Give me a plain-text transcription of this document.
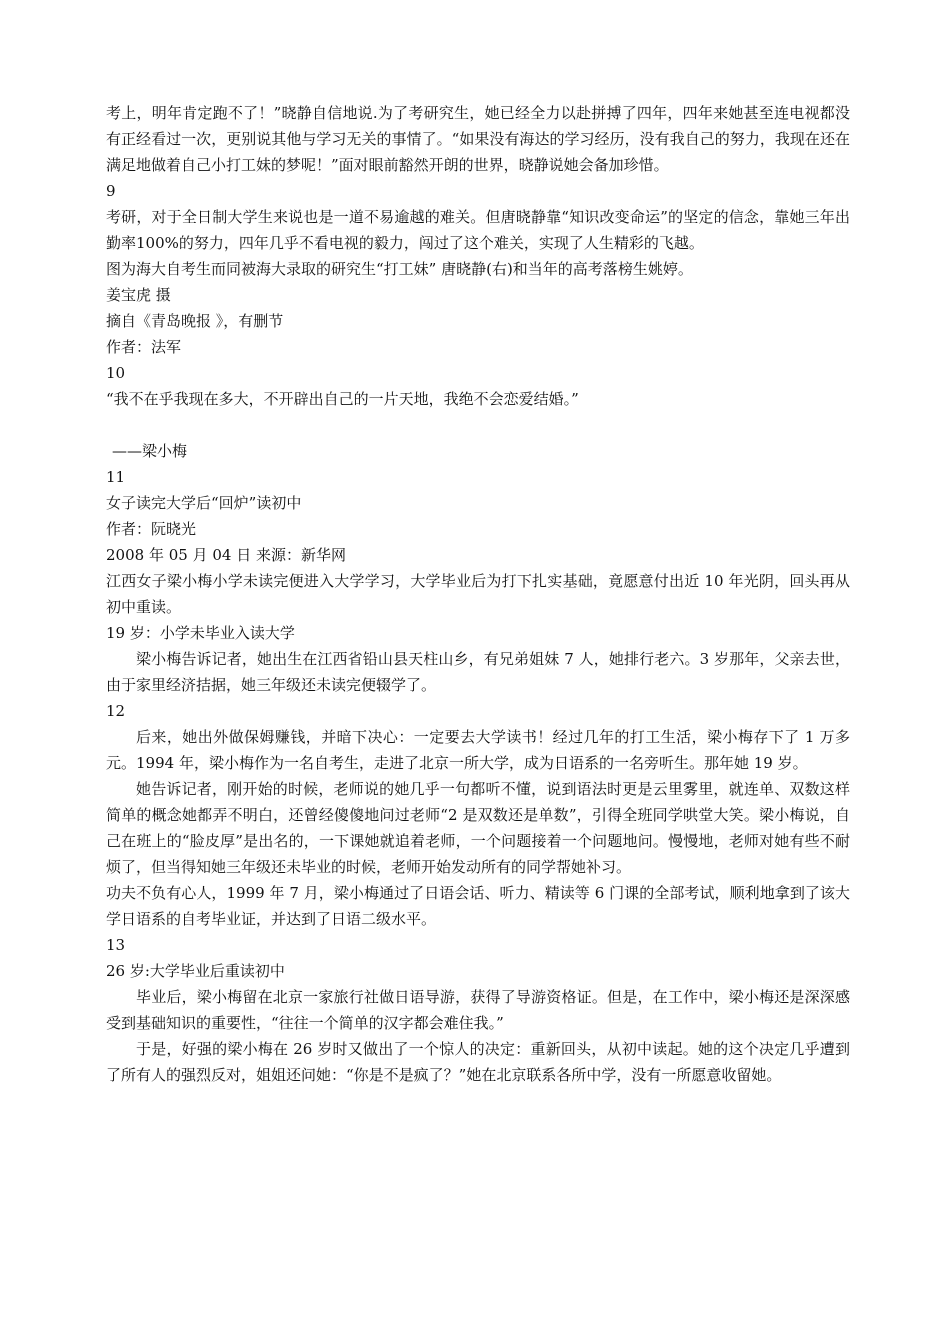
考上，明年肯定跑不了！”晓静自信地说.为了考研究生，她已经全力以赴拼搏了四年，四年来她甚至连电视都没有正经看过一次，更别说其他与学习无关的事情了。“如果没有海达的学习经历，没有我自己的努力，我现在还在满足地做着自己小打工妹的梦呢！”面对眼前豁然开朗的世界，晓静说她会备加珍惜。

9

考研，对于全日制大学生来说也是一道不易逾越的难关。但唐晓静靠“知识改变命运”的坚定的信念，靠她三年出勤率100%的努力，四年几乎不看电视的毅力，闯过了这个难关，实现了人生精彩的飞越。

图为海大自考生而同被海大录取的研究生“打工妹” 唐晓静(右)和当年的高考落榜生姚婷。

姜宝虎 摄

摘自《青岛晚报 》，有删节

作者：法军

10

“我不在乎我现在多大，不开辟出自己的一片天地，我绝不会恋爱结婚。”

——梁小梅

11

女子读完大学后“回炉”读初中

作者：阮晓光

2008 年 05 月 04 日 来源：新华网

江西女子梁小梅小学未读完便进入大学学习，大学毕业后为打下扎实基础，竟愿意付出近 10 年光阴，回头再从初中重读。

19 岁：小学未毕业入读大学

梁小梅告诉记者，她出生在江西省铅山县天柱山乡，有兄弟姐妹 7 人，她排行老六。3 岁那年，父亲去世，由于家里经济拮据，她三年级还未读完便辍学了。

12

后来，她出外做保姆赚钱，并暗下决心：一定要去大学读书！经过几年的打工生活，梁小梅存下了 1 万多元。1994 年，梁小梅作为一名自考生，走进了北京一所大学，成为日语系的一名旁听生。那年她 19 岁。

她告诉记者，刚开始的时候，老师说的她几乎一句都听不懂，说到语法时更是云里雾里，就连单、双数这样简单的概念她都弄不明白，还曾经傻傻地问过老师“2 是双数还是单数”，引得全班同学哄堂大笑。梁小梅说，自己在班上的“脸皮厚”是出名的，一下课她就追着老师，一个问题接着一个问题地问。慢慢地，老师对她有些不耐烦了，但当得知她三年级还未毕业的时候，老师开始发动所有的同学帮她补习。

功夫不负有心人，1999 年 7 月，梁小梅通过了日语会话、听力、精读等 6 门课的全部考试，顺利地拿到了该大学日语系的自考毕业证，并达到了日语二级水平。

13

26 岁:大学毕业后重读初中

毕业后，梁小梅留在北京一家旅行社做日语导游，获得了导游资格证。但是，在工作中，梁小梅还是深深感受到基础知识的重要性，“往往一个简单的汉字都会难住我。”

于是，好强的梁小梅在 26 岁时又做出了一个惊人的决定：重新回头，从初中读起。她的这个决定几乎遭到了所有人的强烈反对，姐姐还问她：“你是不是疯了？”她在北京联系各所中学，没有一所愿意收留她。
